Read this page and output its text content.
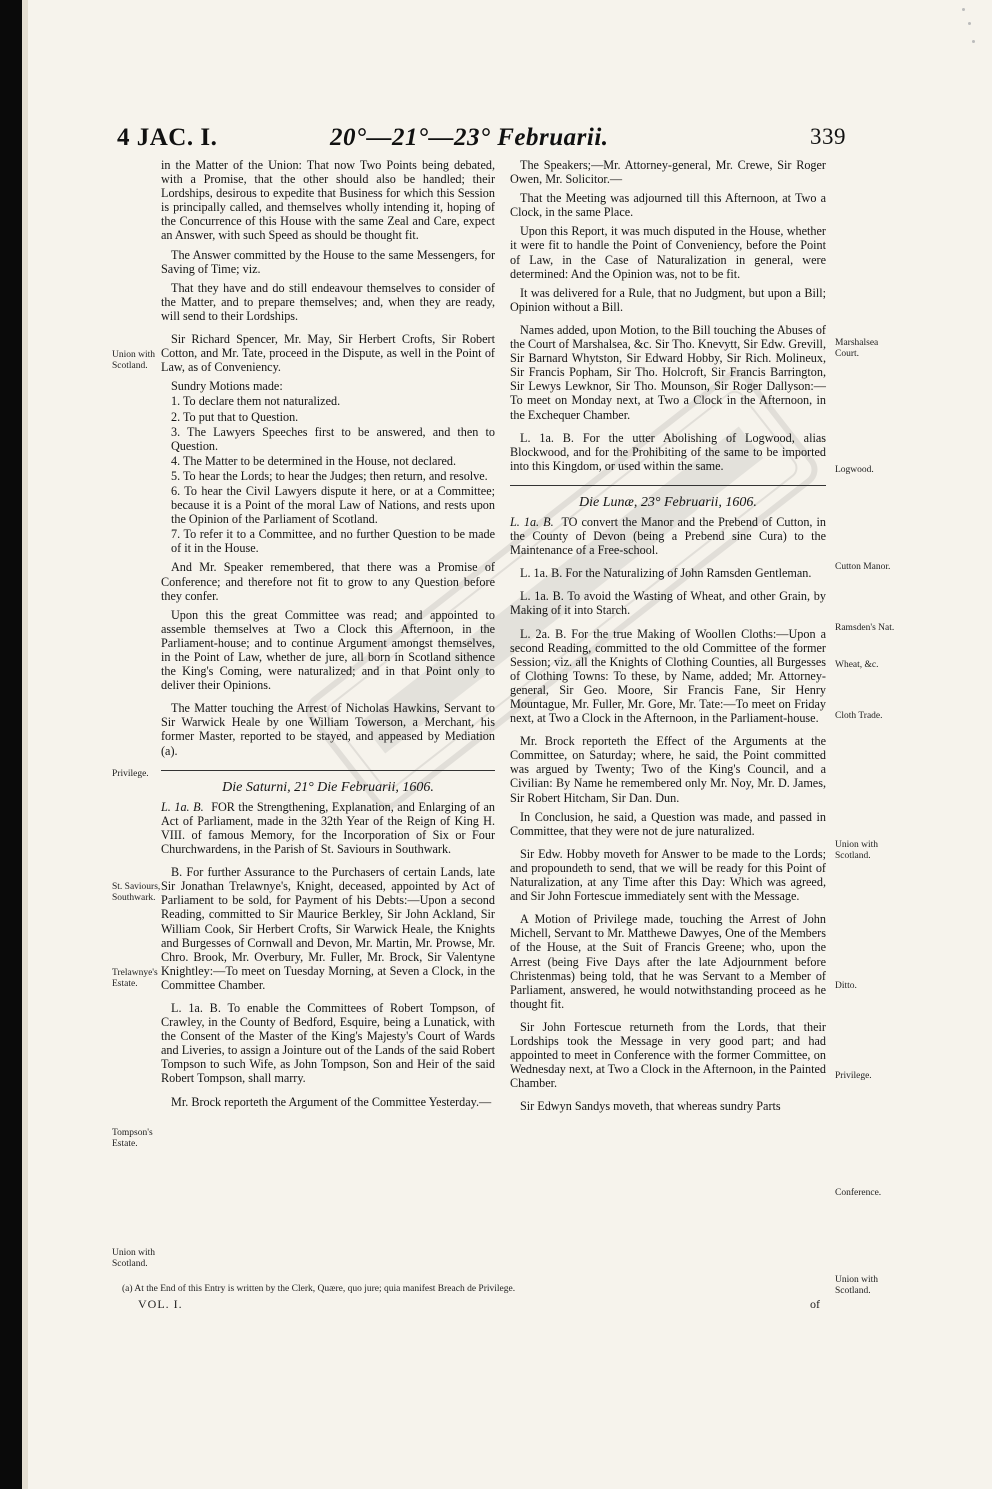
4 JAC. I.	20°—21°—23° Februarii.	339
Union with Scotland.
Privilege.
St. Saviours, Southwark.
Trelawnye's Estate.
Tompson's Estate.
Union with Scotland.
Marshalsea Court.
Logwood.
Cutton Manor.
Ramsden's Nat.
Wheat, &c.
Cloth Trade.
Union with Scotland.
Ditto.
Privilege.
Conference.
Union with Scotland.

in the Matter of the Union: That now Two Points being debated, with a Promise, that the other should also be handled; their Lordships, desirous to expedite that Business for which this Session is principally called, and themselves wholly intending it, hoping of the Concurrence of this House with the same Zeal and Care, expect an Answer, with such Speed as should be thought fit.

The Answer committed by the House to the same Messengers, for Saving of Time; viz.

That they have and do still endeavour themselves to consider of the Matter, and to prepare themselves; and, when they are ready, will send to their Lordships.

Sir Richard Spencer, Mr. May, Sir Herbert Crofts, Sir Robert Cotton, and Mr. Tate, proceed in the Dispute, as well in the Point of Law, as of Conveniency.

Sundry Motions made:

1. To declare them not naturalized.

2. To put that to Question.

3. The Lawyers Speeches first to be answered, and then to Question.

4. The Matter to be determined in the House, not declared.

5. To hear the Lords; to hear the Judges; then return, and resolve.

6. To hear the Civil Lawyers dispute it here, or at a Committee; because it is a Point of the moral Law of Nations, and rests upon the Opinion of the Parliament of Scotland.

7. To refer it to a Committee, and no further Question to be made of it in the House.

And Mr. Speaker remembered, that there was a Promise of Conference; and therefore not fit to grow to any Question before they confer.

Upon this the great Committee was read; and appointed to assemble themselves at Two a Clock this Afternoon, in the Parliament-house; and to continue Argument amongst themselves, in the Point of Law, whether de jure, all born in Scotland sithence the King's Coming, were naturalized; and in that Point only to deliver their Opinions.

The Matter touching the Arrest of Nicholas Hawkins, Servant to Sir Warwick Heale by one William Towerson, a Merchant, his former Master, reported to be stayed, and appeased by Mediation (a).

Die Saturni, 21° Die Februarii, 1606.

L. 1a. B. FOR the Strengthening, Explanation, and Enlarging of an Act of Parliament, made in the 32th Year of the Reign of King H. VIII. of famous Memory, for the Incorporation of Six or Four Churchwardens, in the Parish of St. Saviours in Southwark.

B. For further Assurance to the Purchasers of certain Lands, late Sir Jonathan Trelawnye's, Knight, deceased, appointed by Act of Parliament to be sold, for Payment of his Debts:—Upon a second Reading, committed to Sir Maurice Berkley, Sir John Ackland, Sir William Cook, Sir Herbert Crofts, Sir Warwick Heale, the Knights and Burgesses of Cornwall and Devon, Mr. Martin, Mr. Prowse, Mr. Chro. Brook, Mr. Overbury, Mr. Fuller, Mr. Brock, Sir Valentyne Knightley:—To meet on Tuesday Morning, at Seven a Clock, in the Committee Chamber.

L. 1a. B. To enable the Committees of Robert Tompson, of Crawley, in the County of Bedford, Esquire, being a Lunatick, with the Consent of the Master of the King's Majesty's Court of Wards and Liveries, to assign a Jointure out of the Lands of the said Robert Tompson to such Wife, as John Tompson, Son and Heir of the said Robert Tompson, shall marry.

Mr. Brock reporteth the Argument of the Committee Yesterday.—

The Speakers;—Mr. Attorney-general, Mr. Crewe, Sir Roger Owen, Mr. Solicitor.—

That the Meeting was adjourned till this Afternoon, at Two a Clock, in the same Place.

Upon this Report, it was much disputed in the House, whether it were fit to handle the Point of Conveniency, before the Point of Law, in the Case of Naturalization in general, were determined: And the Opinion was, not to be fit.

It was delivered for a Rule, that no Judgment, but upon a Bill; Opinion without a Bill.

Names added, upon Motion, to the Bill touching the Abuses of the Court of Marshalsea, &c. Sir Tho. Knevytt, Sir Edw. Grevill, Sir Barnard Whytston, Sir Edward Hobby, Sir Rich. Molineux, Sir Francis Popham, Sir Tho. Holcroft, Sir Francis Barrington, Sir Lewys Lewknor, Sir Tho. Mounson, Sir Roger Dallyson:—To meet on Monday next, at Two a Clock in the Afternoon, in the Exchequer Chamber.

L. 1a. B. For the utter Abolishing of Logwood, alias Blockwood, and for the Prohibiting of the same to be imported into this Kingdom, or used within the same.

Die Lunæ, 23° Februarii, 1606.

L. 1a. B. TO convert the Manor and the Prebend of Cutton, in the County of Devon (being a Prebend sine Cura) to the Maintenance of a Free-school.

L. 1a. B. For the Naturalizing of John Ramsden Gentleman.

L. 1a. B. To avoid the Wasting of Wheat, and other Grain, by Making of it into Starch.

L. 2a. B. For the true Making of Woollen Cloths:—Upon a second Reading, committed to the old Committee of the former Session; viz. all the Knights of Clothing Counties, all Burgesses of Clothing Towns: To these, by Name, added; Mr. Attorney-general, Sir Geo. Moore, Sir Francis Fane, Sir Henry Mountague, Mr. Fuller, Mr. Gore, Mr. Tate:—To meet on Friday next, at Two a Clock in the Afternoon, in the Parliament-house.

Mr. Brock reporteth the Effect of the Arguments at the Committee, on Saturday; where, he said, the Point committed was argued by Twenty; Two of the King's Council, and a Civilian: By Name he remembered only Mr. Noy, Mr. D. James, Sir Robert Hitcham, Sir Dan. Dun.

In Conclusion, he said, a Question was made, and passed in Committee, that they were not de jure naturalized.

Sir Edw. Hobby moveth for Answer to be made to the Lords; and propoundeth to send, that we will be ready for this Point of Naturalization, at any Time after this Day: Which was agreed, and Sir John Fortescue immediately sent with the Message.

A Motion of Privilege made, touching the Arrest of John Michell, Servant to Mr. Matthewe Dawyes, One of the Members of the House, at the Suit of Francis Greene; who, upon the Arrest (being Five Days after the late Adjournment before Christenmas) being told, that he was Servant to a Member of Parliament, answered, he would notwithstanding proceed as he thought fit.

Sir John Fortescue returneth from the Lords, that their Lordships took the Message in very good part; and had appointed to meet in Conference with the former Committee, on Wednesday next, at Two a Clock in the Afternoon, in the Painted Chamber.

Sir Edwyn Sandys moveth, that whereas sundry Parts

(a) At the End of this Entry is written by the Clerk, Quære, quo jure; quia manifest Breach de Privilege.
VOL. I.	of
